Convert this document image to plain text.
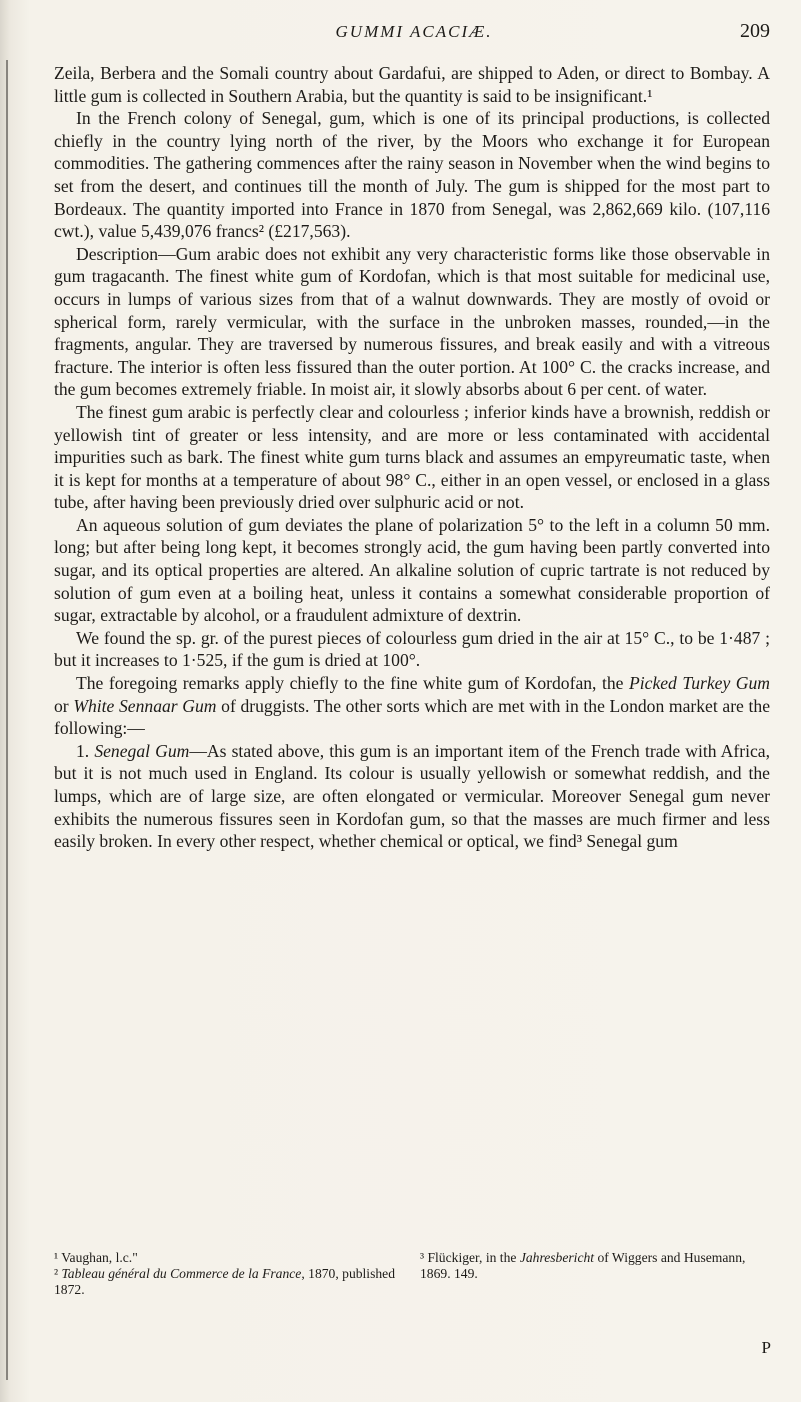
GUMMI ACACIÆ.	209

Zeila, Berbera and the Somali country about Gardafui, are shipped to Aden, or direct to Bombay. A little gum is collected in Southern Arabia, but the quantity is said to be insignificant.¹

In the French colony of Senegal, gum, which is one of its principal productions, is collected chiefly in the country lying north of the river, by the Moors who exchange it for European commodities. The gathering commences after the rainy season in November when the wind begins to set from the desert, and continues till the month of July. The gum is shipped for the most part to Bordeaux. The quantity imported into France in 1870 from Senegal, was 2,862,669 kilo. (107,116 cwt.), value 5,439,076 francs² (£217,563).

Description—Gum arabic does not exhibit any very characteristic forms like those observable in gum tragacanth. The finest white gum of Kordofan, which is that most suitable for medicinal use, occurs in lumps of various sizes from that of a walnut downwards. They are mostly of ovoid or spherical form, rarely vermicular, with the surface in the unbroken masses, rounded,—in the fragments, angular. They are traversed by numerous fissures, and break easily and with a vitreous fracture. The interior is often less fissured than the outer portion. At 100° C. the cracks increase, and the gum becomes extremely friable. In moist air, it slowly absorbs about 6 per cent. of water.

The finest gum arabic is perfectly clear and colourless ; inferior kinds have a brownish, reddish or yellowish tint of greater or less intensity, and are more or less contaminated with accidental impurities such as bark. The finest white gum turns black and assumes an empyreumatic taste, when it is kept for months at a temperature of about 98° C., either in an open vessel, or enclosed in a glass tube, after having been previously dried over sulphuric acid or not.

An aqueous solution of gum deviates the plane of polarization 5° to the left in a column 50 mm. long; but after being long kept, it becomes strongly acid, the gum having been partly converted into sugar, and its optical properties are altered. An alkaline solution of cupric tartrate is not reduced by solution of gum even at a boiling heat, unless it contains a somewhat considerable proportion of sugar, extractable by alcohol, or a fraudulent admixture of dextrin.

We found the sp. gr. of the purest pieces of colourless gum dried in the air at 15° C., to be 1·487 ; but it increases to 1·525, if the gum is dried at 100°.

The foregoing remarks apply chiefly to the fine white gum of Kordofan, the Picked Turkey Gum or White Sennaar Gum of druggists. The other sorts which are met with in the London market are the following:—

1. Senegal Gum—As stated above, this gum is an important item of the French trade with Africa, but it is not much used in England. Its colour is usually yellowish or somewhat reddish, and the lumps, which are of large size, are often elongated or vermicular. Moreover Senegal gum never exhibits the numerous fissures seen in Kordofan gum, so that the masses are much firmer and less easily broken. In every other respect, whether chemical or optical, we find³ Senegal gum

¹ Vaughan, l.c."

² Tableau général du Commerce de la France, 1870, published 1872.

³ Flückiger, in the Jahresbericht of Wiggers and Husemann, 1869. 149.

P
